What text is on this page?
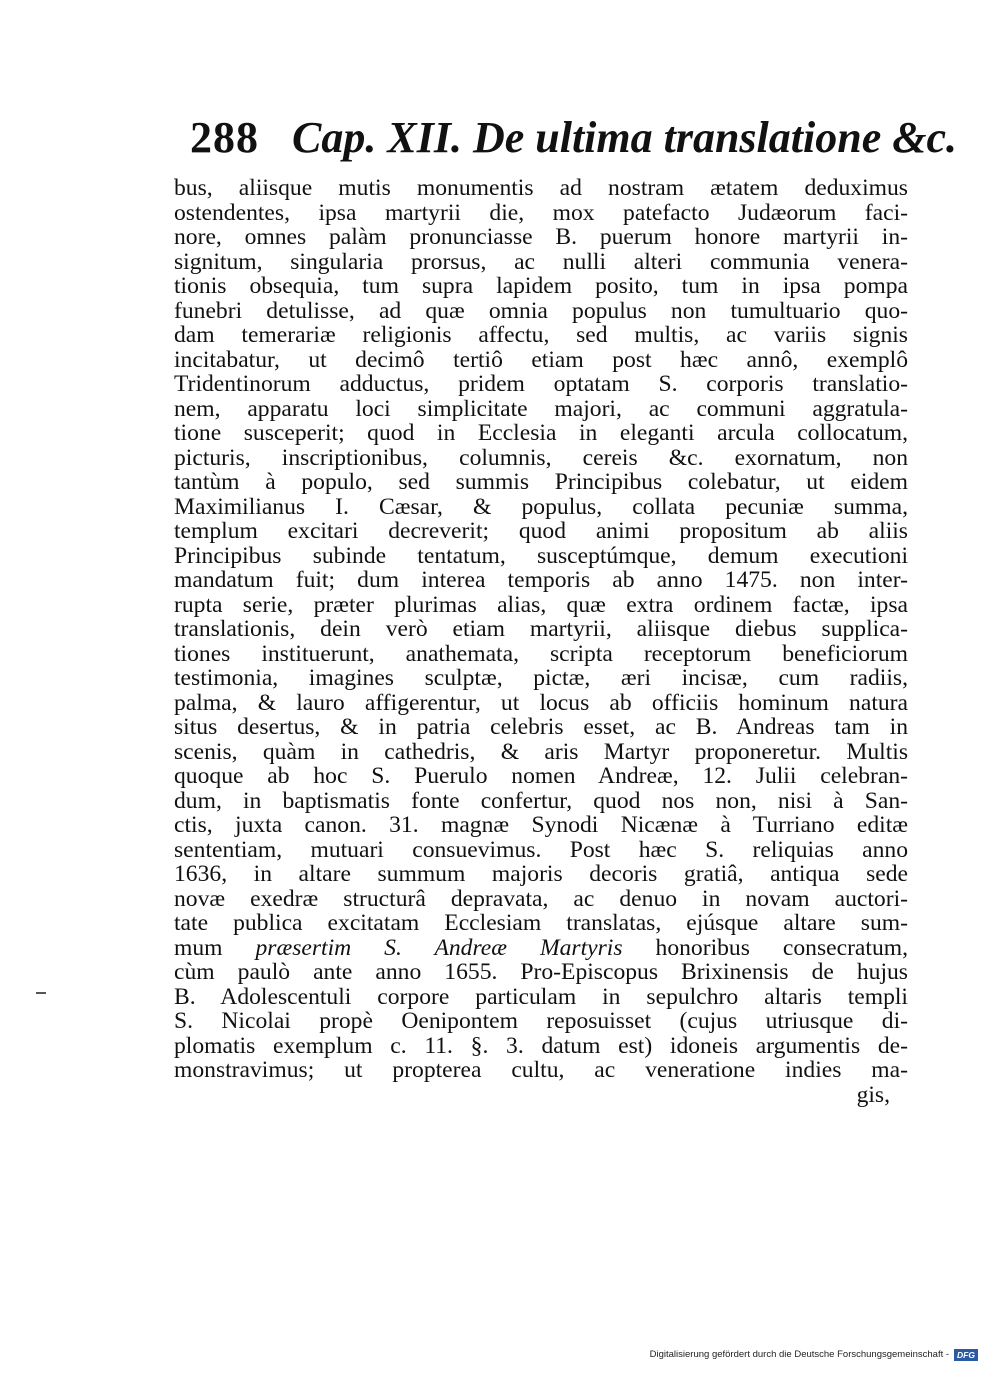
288 Cap. XII. De ultima translatione &c.
bus, aliisque mutis monumentis ad nostram ætatem deduximus
ostendentes, ipsa martyrii die, mox patefacto Judæorum faci-
nore, omnes palàm pronunciasse B. puerum honore martyrii in-
signitum, singularia prorsus, ac nulli alteri communia venera-
tionis obsequia, tum supra lapidem posito, tum in ipsa pompa
funebri detulisse, ad quæ omnia populus non tumultuario quo-
dam temerariæ religionis affectu, sed multis, ac variis signis
incitabatur, ut decimô tertiô etiam post hæc annô, exemplô
Tridentinorum adductus, pridem optatam S. corporis translatio-
nem, apparatu loci simplicitate majori, ac communi aggratula-
tione susceperit; quod in Ecclesia in eleganti arcula collocatum,
picturis, inscriptionibus, columnis, cereis &c. exornatum, non
tantùm à populo, sed summis Principibus colebatur, ut eidem
Maximilianus I. Cæsar, & populus, collata pecuniæ summa,
templum excitari decreverit; quod animi propositum ab aliis
Principibus subinde tentatum, susceptúmque, demum executioni
mandatum fuit; dum interea temporis ab anno 1475. non inter-
rupta serie, præter plurimas alias, quæ extra ordinem factæ, ipsa
translationis, dein verò etiam martyrii, aliisque diebus supplica-
tiones instituerunt, anathemata, scripta receptorum beneficiorum
testimonia, imagines sculptæ, pictæ, æri incisæ, cum radiis,
palma, & lauro affigerentur, ut locus ab officiis hominum natura
situs desertus, & in patria celebris esset, ac B. Andreas tam in
scenis, quàm in cathedris, & aris Martyr proponeretur. Multis
quoque ab hoc S. Puerulo nomen Andreæ, 12. Julii celebran-
dum, in baptismatis fonte confertur, quod nos non, nisi à San-
ctis, juxta canon. 31. magnæ Synodi Nicænæ à Turriano editæ
sententiam, mutuari consuevimus. Post hæc S. reliquias anno
1636, in altare summum majoris decoris gratiâ, antiqua sede
novæ exedræ structurâ depravata, ac denuo in novam auctori-
tate publica excitatam Ecclesiam translatas, ejúsque altare sum-
mum præsertim S. Andreæ Martyris honoribus consecratum,
cùm paulò ante anno 1655. Pro-Episcopus Brixinensis de hujus
B. Adolescentuli corpore particulam in sepulchro altaris templi
S. Nicolai propè Oenipontem reposuisset (cujus utriusque di-
plomatis exemplum c. 11. §. 3. datum est) idoneis argumentis de-
monstravimus; ut propterea cultu, ac veneratione indies ma-
gis,
Digitalisierung gefördert durch die Deutsche Forschungsgemeinschaft - DFG
